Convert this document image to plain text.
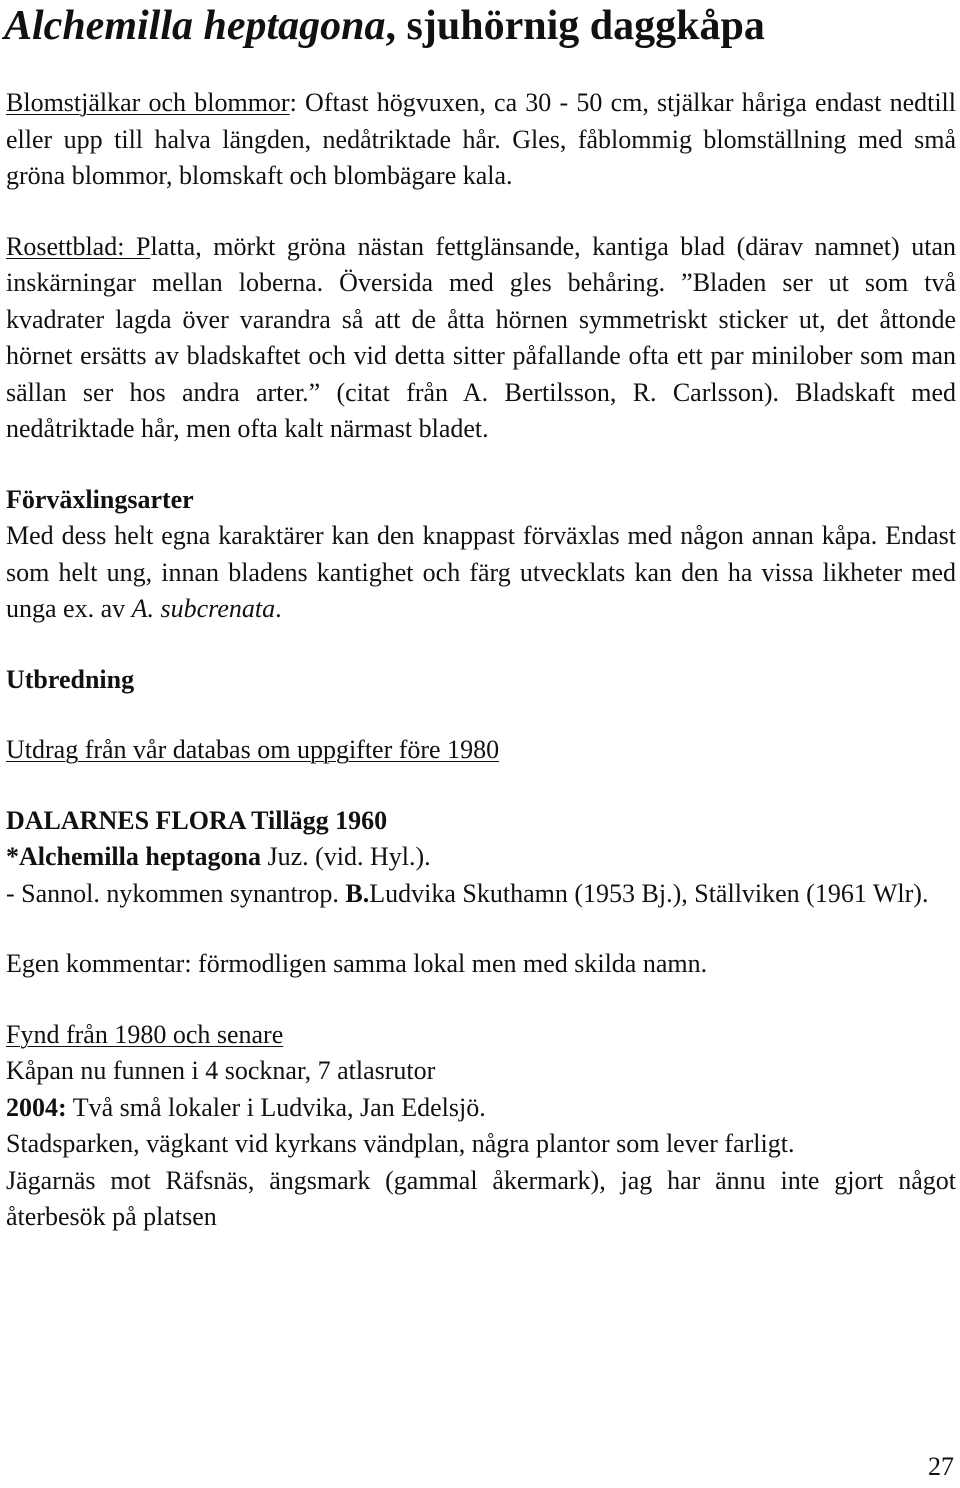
Alchemilla heptagona, sjuhörnig daggkåpa

Blomstjälkar och blommor: Oftast högvuxen, ca 30 - 50 cm, stjälkar håriga endast nedtill eller upp till halva längden, nedåtriktade hår. Gles, fåblommig blomställning med små gröna blommor, blomskaft och blombägare kala.

Rosettblad: Platta, mörkt gröna nästan fettglänsande, kantiga blad (därav namnet) utan inskärningar mellan loberna. Översida med gles behåring. ”Bladen ser ut som två kvadrater lagda över varandra så att de åtta hörnen symmetriskt sticker ut, det åttonde hörnet ersätts av bladskaftet och vid detta sitter påfallande ofta ett par minilober som man sällan ser hos andra arter.” (citat från A. Bertilsson, R. Carlsson). Bladskaft med nedåtriktade hår, men ofta kalt närmast bladet.

Förväxlingsarter

Med dess helt egna karaktärer kan den knappast förväxlas med någon annan kåpa. Endast som helt ung, innan bladens kantighet och färg utvecklats kan den ha vissa likheter med unga ex. av A. subcrenata.

Utbredning

Utdrag från vår databas om uppgifter före 1980

DALARNES FLORA Tillägg 1960

*Alchemilla heptagona Juz. (vid. Hyl.).

- Sannol. nykommen synantrop. B.Ludvika Skuthamn (1953 Bj.), Ställviken (1961 Wlr).

Egen kommentar: förmodligen samma lokal men med skilda namn.

Fynd från 1980 och senare

Kåpan nu funnen i 4 socknar, 7 atlasrutor

2004: Två små lokaler i Ludvika, Jan Edelsjö.

Stadsparken, vägkant vid kyrkans vändplan, några plantor som lever farligt.

Jägarnäs mot Räfsnäs, ängsmark (gammal åkermark), jag har ännu inte gjort något återbesök på platsen

27
